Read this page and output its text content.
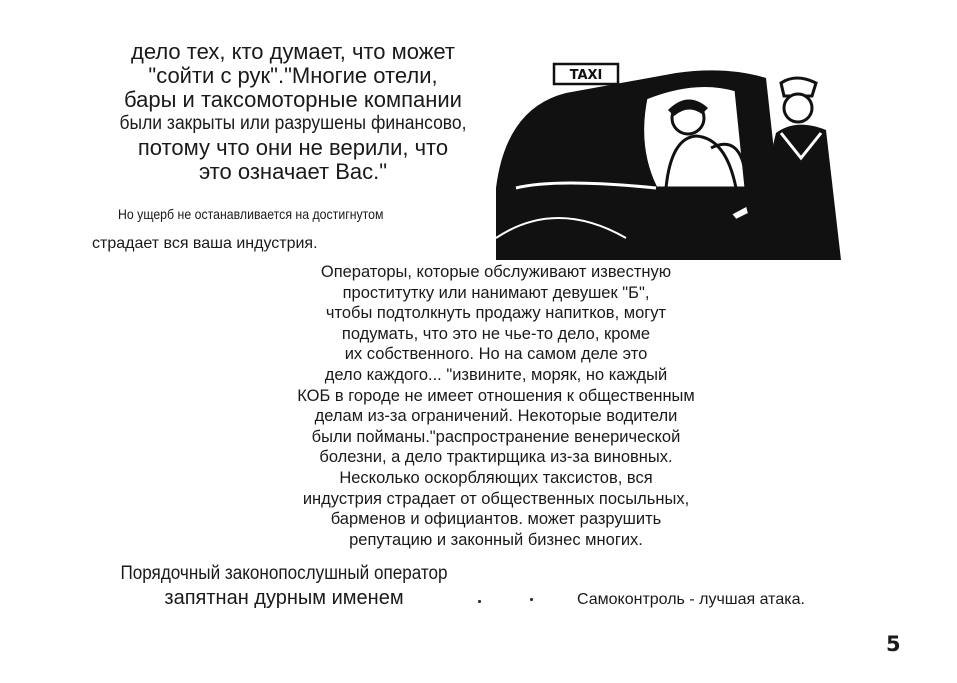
дело тех, кто думает, что может
"сойти с рук"."Многие отели,
бары и таксомоторные компании
были закрыты или разрушены финансово,
потому что они не верили, что
это означает Вас."
Но ущерб не останавливается на достигнутом
страдает вся ваша индустрия.
TAXI
Операторы, которые обслуживают известную
проститутку или нанимают девушек "Б",
чтобы подтолкнуть продажу напитков, могут
подумать, что это не чье-то дело, кроме
их собственного. Но на самом деле это
дело каждого... "извините, моряк, но каждый
КОБ в городе не имеет отношения к общественным
делам из-за ограничений. Некоторые водители
были пойманы."распространение венерической
болезни, а дело трактирщика из-за виновных.
Несколько оскорбляющих таксистов, вся
индустрия страдает от общественных посыльных,
барменов и официантов. может разрушить
репутацию и законный бизнес многих.
Порядочный законопослушный оператор
запятнан дурным именем	Самоконтроль - лучшая атака.
5
